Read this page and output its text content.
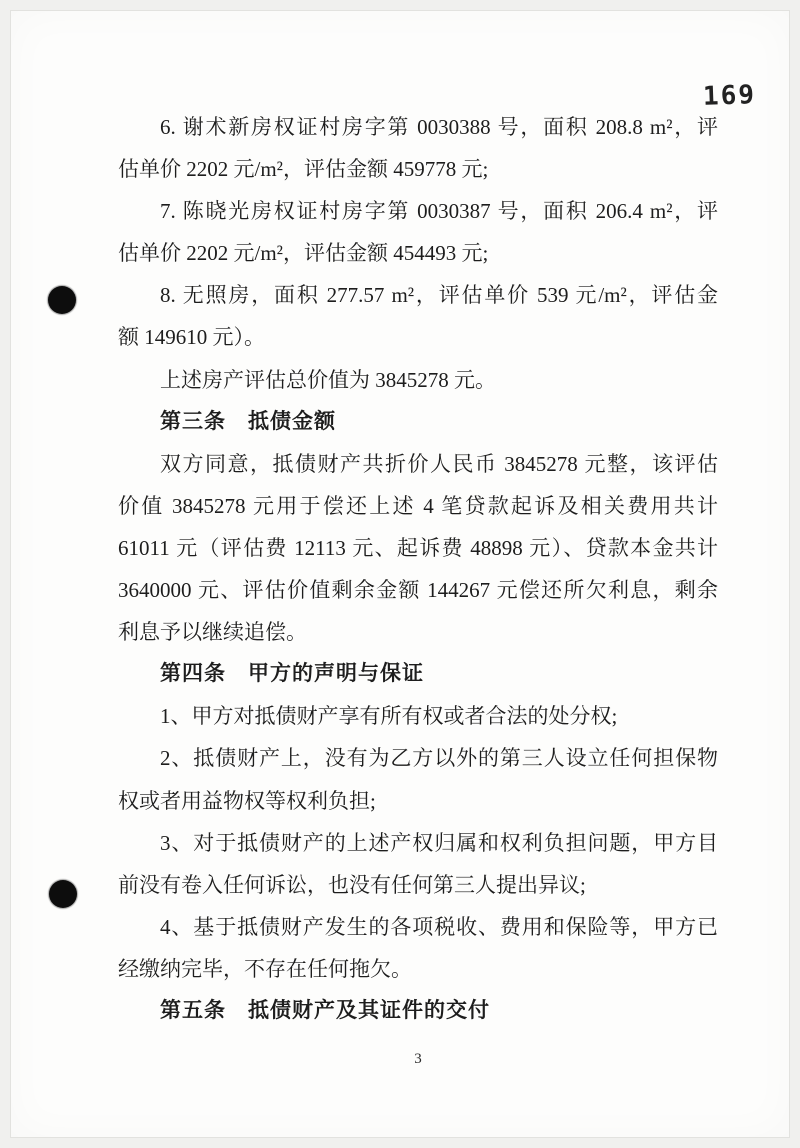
169
6. 谢术新房权证村房字第 0030388 号，面积 208.8 m²，评
估单价 2202 元/m²，评估金额 459778 元;
7. 陈晓光房权证村房字第 0030387 号，面积 206.4 m²，评
估单价 2202 元/m²，评估金额 454493 元;
8. 无照房，面积 277.57 m²，评估单价 539 元/m²，评估金
额 149610 元）。
上述房产评估总价值为 3845278 元。
第三条　抵债金额
双方同意，抵债财产共折价人民币 3845278 元整，该评估
价值 3845278 元用于偿还上述 4 笔贷款起诉及相关费用共计
61011 元（评估费 12113 元、起诉费 48898 元）、贷款本金共计
3640000 元、评估价值剩余金额 144267 元偿还所欠利息，剩余
利息予以继续追偿。
第四条　甲方的声明与保证
1、甲方对抵债财产享有所有权或者合法的处分权;
2、抵债财产上，没有为乙方以外的第三人设立任何担保物
权或者用益物权等权利负担;
3、对于抵债财产的上述产权归属和权利负担问题，甲方目
前没有卷入任何诉讼，也没有任何第三人提出异议;
4、基于抵债财产发生的各项税收、费用和保险等，甲方已
经缴纳完毕，不存在任何拖欠。
第五条　抵债财产及其证件的交付
3
